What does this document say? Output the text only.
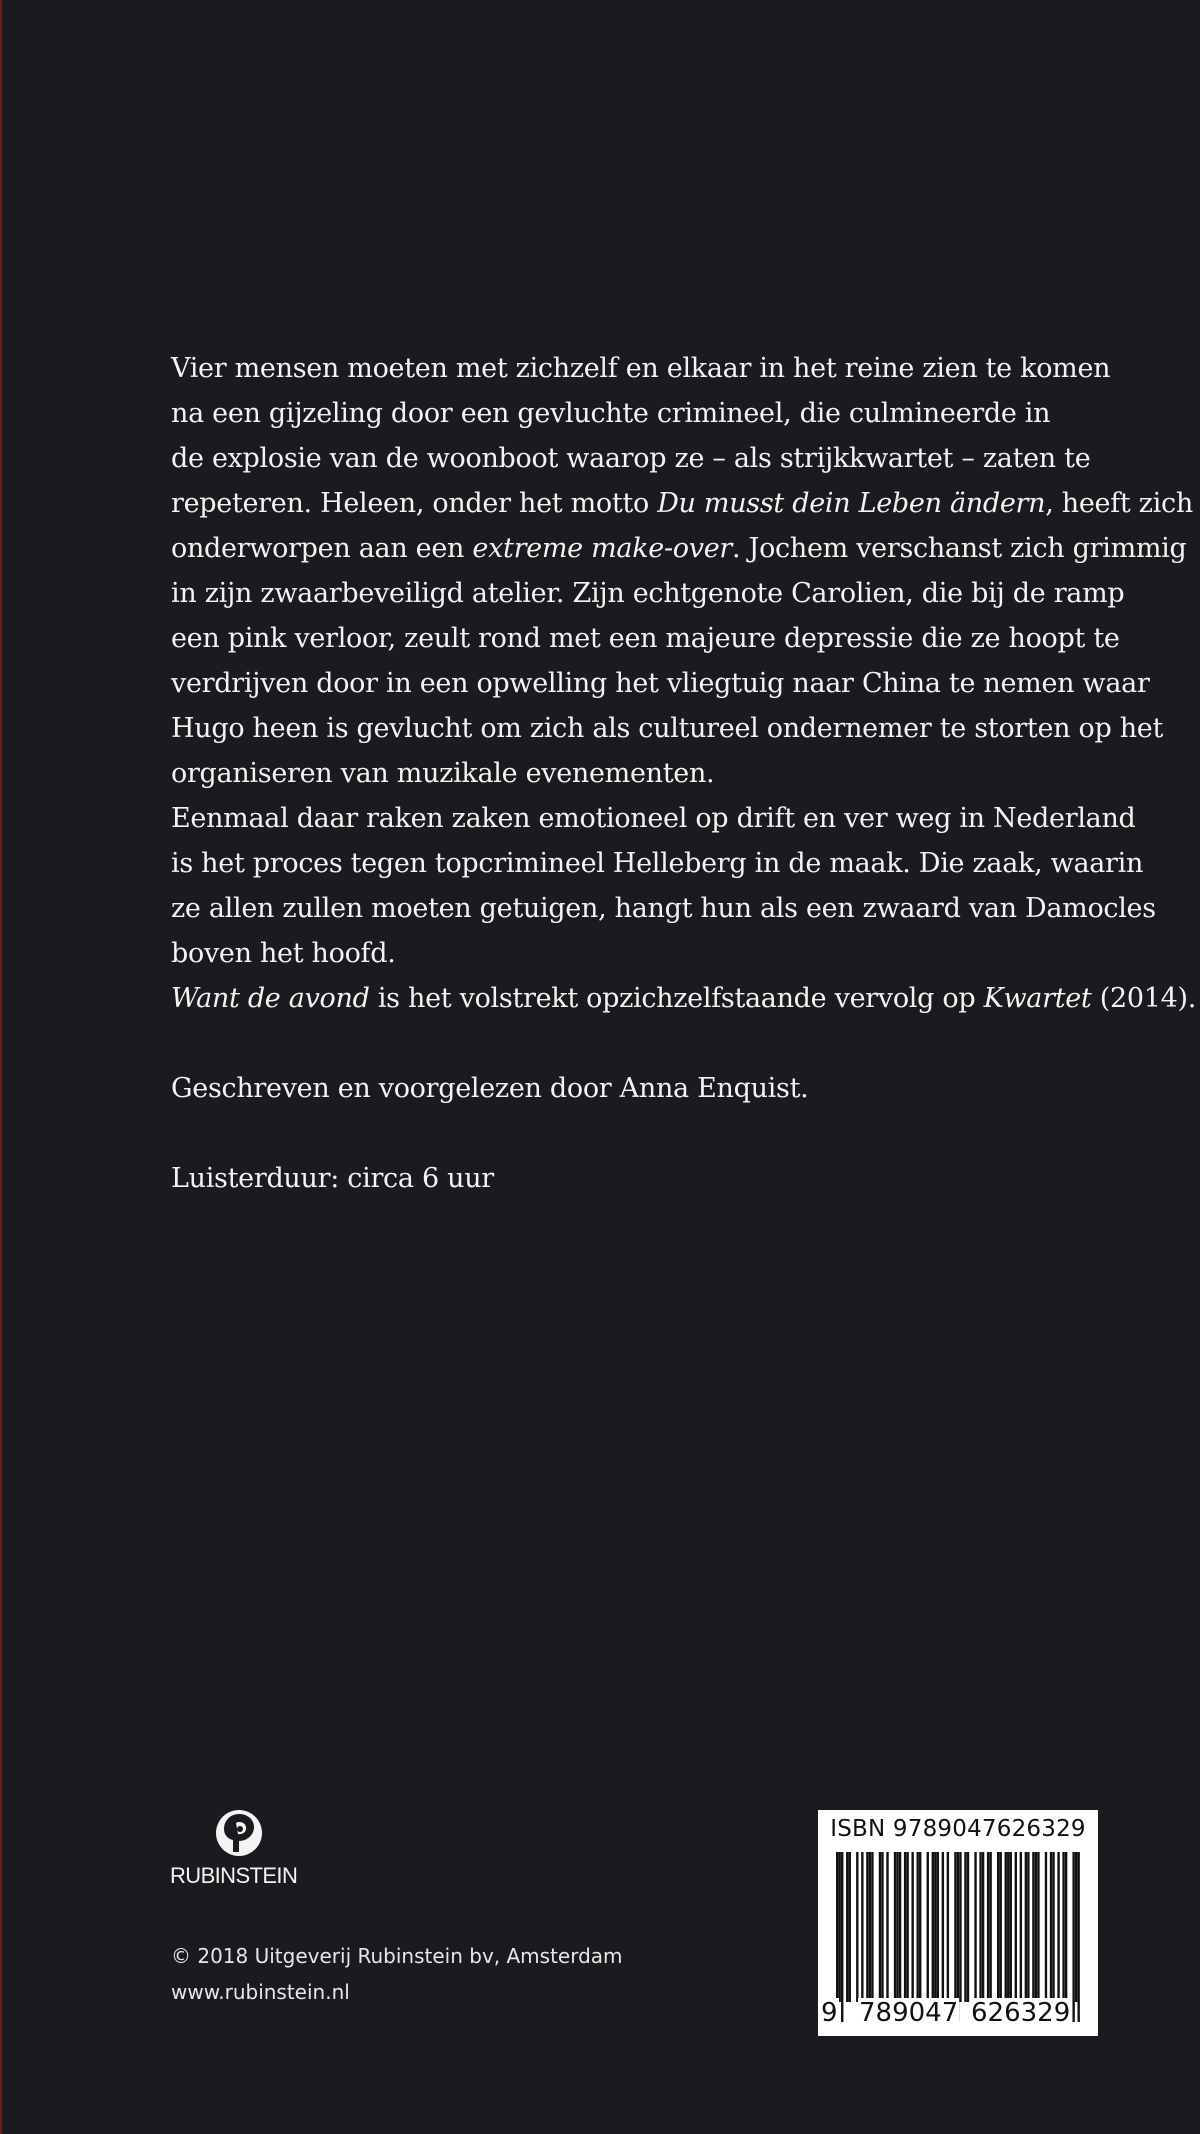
Vier mensen moeten met zichzelf en elkaar in het reine zien te komen
na een gijzeling door een gevluchte crimineel, die culmineerde in
de explosie van de woonboot waarop ze – als strijkkwartet – zaten te
repeteren. Heleen, onder het motto Du musst dein Leben ändern, heeft zich
onderworpen aan een extreme make-over. Jochem verschanst zich grimmig
in zijn zwaarbeveiligd atelier. Zijn echtgenote Carolien, die bij de ramp
een pink verloor, zeult rond met een majeure depressie die ze hoopt te
verdrijven door in een opwelling het vliegtuig naar China te nemen waar
Hugo heen is gevlucht om zich als cultureel ondernemer te storten op het
organiseren van muzikale evenementen.
Eenmaal daar raken zaken emotioneel op drift en ver weg in Nederland
is het proces tegen topcrimineel Helleberg in de maak. Die zaak, waarin
ze allen zullen moeten getuigen, hangt hun als een zwaard van Damocles
boven het hoofd.
Want de avond is het volstrekt opzichzelfstaande vervolg op Kwartet (2014).
Geschreven en voorgelezen door Anna Enquist.
Luisterduur: circa 6 uur
RUBINSTEIN
© 2018 Uitgeverij Rubinstein bv, Amsterdam
www.rubinstein.nl
ISBN 9789047626329
9 789047 626329
